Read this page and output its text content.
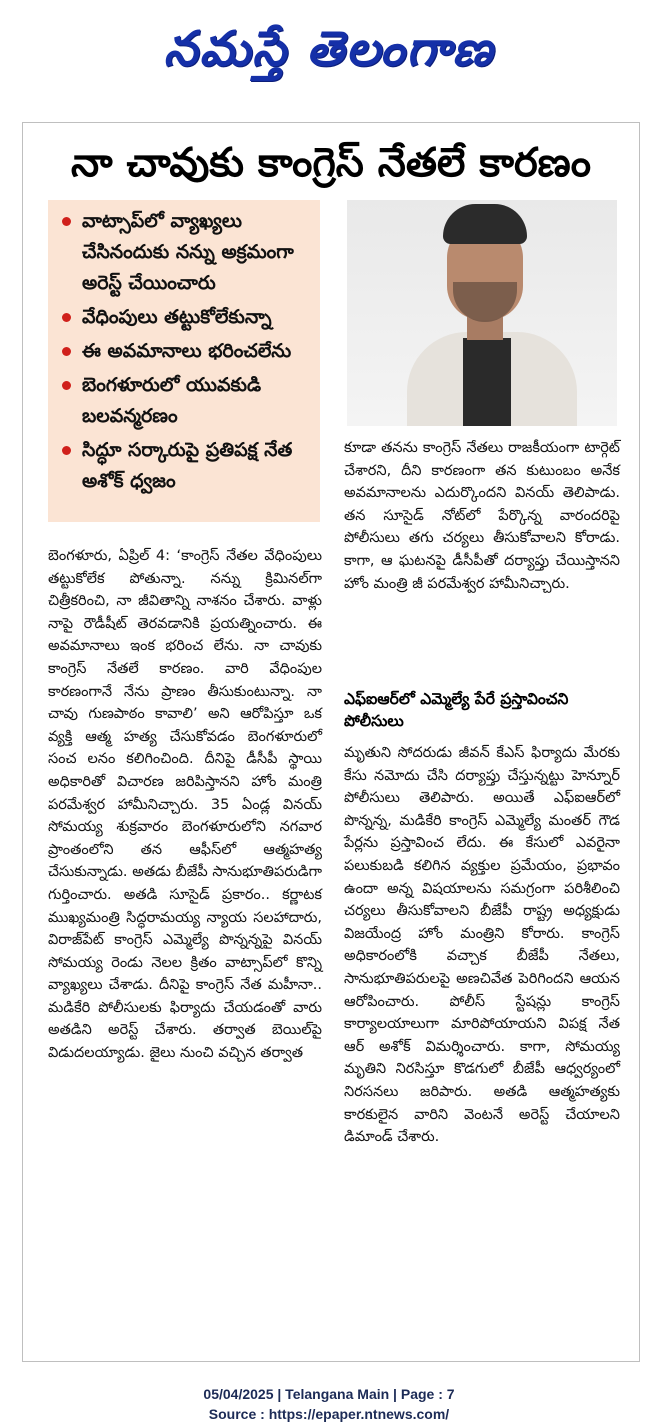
నమస్తే తెలంగాణ
నా చావుకు కాంగ్రెస్ నేతలే కారణం
వాట్సాప్‌లో వ్యాఖ్యలు చేసినందుకు నన్ను అక్రమంగా అరెస్ట్ చేయించారు
వేధింపులు తట్టుకోలేకున్నా
ఈ అవమానాలు భరించలేను
బెంగళూరులో యువకుడి బలవన్మరణం
సిద్ధూ సర్కారుపై ప్రతిపక్ష నేత అశోక్ ధ్వజం

బెంగళూరు, ఏప్రిల్ 4: ‘కాంగ్రెస్ నేతల వేధింపులు తట్టుకోలేక పోతున్నా. నన్ను క్రిమినల్‌గా చిత్రీకరించి, నా జీవితాన్ని నాశనం చేశారు. వాళ్లు నాపై రౌడీషీట్ తెరవడానికి ప్రయత్నించారు. ఈ అవమానాలు ఇంక భరించ లేను. నా చావుకు కాంగ్రెస్ నేతలే కారణం. వారి వేధింపుల కారణంగానే నేను ప్రాణం తీసుకుంటున్నా. నా చావు గుణపాఠం కావాలి’ అని ఆరోపిస్తూ ఒక వ్యక్తి ఆత్మ హత్య చేసుకోవడం బెంగళూరులో సంచ లనం కలిగించింది. దీనిపై డీసీపీ స్థాయి అధికారితో విచారణ జరిపిస్తానని హోం మంత్రి పరమేశ్వర హామీనిచ్చారు. 35 ఏండ్ల వినయ్ సోమయ్య శుక్రవారం బెంగళూరులోని నగవార ప్రాంతంలోని తన ఆఫీస్‌లో ఆత్మహత్య చేసుకున్నాడు. అతడు బీజేపీ సానుభూతిపరుడిగా గుర్తించారు. అతడి సూసైడ్ ప్రకారం.. కర్ణాటక ముఖ్యమంత్రి సిద్ధరామయ్య న్యాయ సలహాదారు, విరాజ్‌పేట్ కాంగ్రెస్ ఎమ్మెల్యే పొన్నన్నపై వినయ్ సోమయ్య రెండు నెలల క్రితం వాట్సాప్‌లో కొన్ని వ్యాఖ్యలు చేశాడు. దీనిపై కాంగ్రెస్ నేత మహీనా.. మడికేరి పోలీసులకు ఫిర్యాదు చేయడంతో వారు అతడిని అరెస్ట్ చేశారు. తర్వాత బెయిల్‌పై విడుదలయ్యాడు. జైలు నుంచి వచ్చిన తర్వాత

కూడా తనను కాంగ్రెస్ నేతలు రాజకీయంగా టార్గెట్ చేశారని, దీని కారణంగా తన కుటుంబం అనేక అవమానాలను ఎదుర్కొందని వినయ్ తెలిపాడు. తన సూసైడ్ నోట్‌లో పేర్కొన్న వారందరిపై పోలీసులు తగు చర్యలు తీసుకోవాలని కోరాడు. కాగా, ఆ ఘటనపై డీసీపీతో దర్యాప్తు చేయిస్తానని హోం మంత్రి జీ పరమేశ్వర హామీనిచ్చారు.

ఎఫ్‌ఐఆర్‌లో ఎమ్మెల్యే పేరే ప్రస్తావించని పోలీసులు

మృతుని సోదరుడు జీవన్ కేఎస్ ఫిర్యాదు మేరకు కేసు నమోదు చేసి దర్యాప్తు చేస్తున్నట్టు హెన్నూర్ పోలీసులు తెలిపారు. అయితే ఎఫ్‌ఐఆర్‌లో పొన్నన్న, మడికేరి కాంగ్రెస్ ఎమ్మెల్యే మంతర్ గౌడ పేర్లను ప్రస్తావించ లేదు. ఈ కేసులో ఎవరైనా పలుకుబడి కలిగిన వ్యక్తుల ప్రమేయం, ప్రభావం ఉందా అన్న విషయాలను సమగ్రంగా పరిశీలించి చర్యలు తీసుకోవాలని బీజేపీ రాష్ట్ర అధ్యక్షుడు విజయేంద్ర హోం మంత్రిని కోరారు. కాంగ్రెస్ అధికారంలోకి వచ్చాక బీజేపీ నేతలు, సానుభూతిపరులపై అణచివేత పెరిగిందని ఆయన ఆరోపించారు. పోలీస్ స్టేషన్లు కాంగ్రెస్ కార్యాలయాలుగా మారిపోయాయని విపక్ష నేత ఆర్ అశోక్ విమర్శించారు. కాగా, సోమయ్య మృతిని నిరసిస్తూ కొడగులో బీజేపీ ఆధ్వర్యంలో నిరసనలు జరిపారు. అతడి ఆత్మహత్యకు కారకులైన వారిని వెంటనే అరెస్ట్ చేయాలని డిమాండ్ చేశారు.

05/04/2025 | Telangana Main | Page : 7
Source : https://epaper.ntnews.com/
